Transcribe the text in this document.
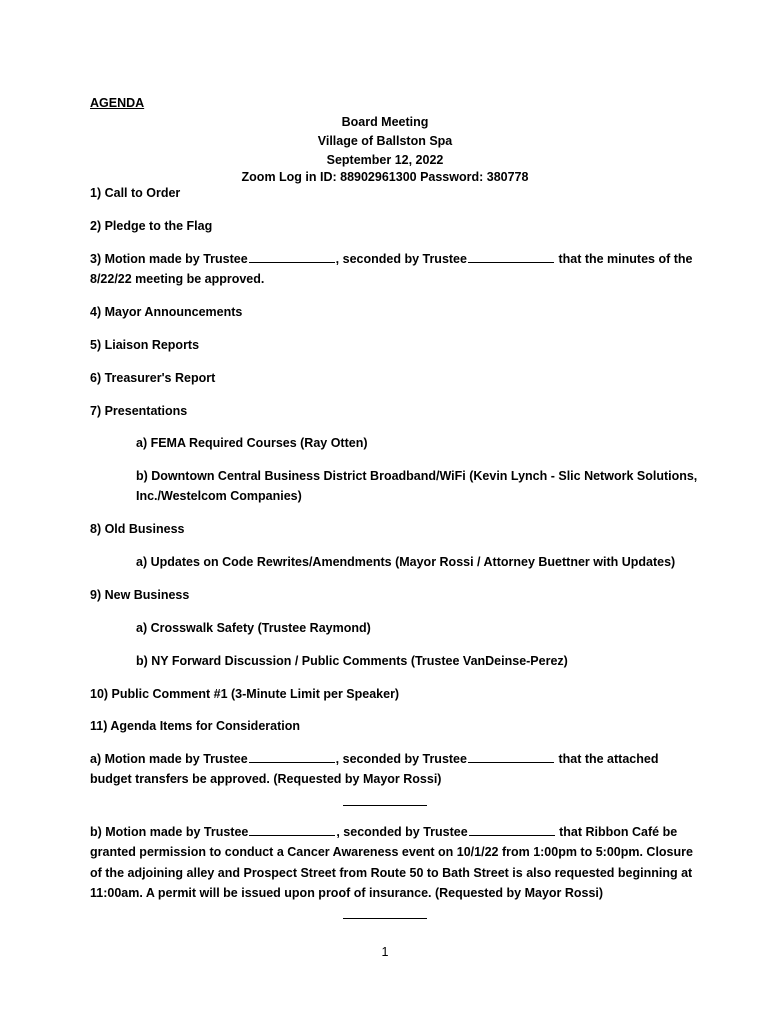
AGENDA
Board Meeting
Village of Ballston Spa
September 12, 2022
Zoom Log in ID: 88902961300 Password: 380778
1) Call to Order
2) Pledge to the Flag
3) Motion made by Trustee	, seconded by Trustee	that the minutes of the
8/22/22 meeting be approved.
4) Mayor Announcements
5) Liaison Reports
6) Treasurer's Report
7) Presentations
a) FEMA Required Courses (Ray Otten)
b) Downtown Central Business District Broadband/WiFi (Kevin Lynch - Slic Network Solutions,
Inc./Westelcom Companies)
8) Old Business
a) Updates on Code Rewrites/Amendments (Mayor Rossi / Attorney Buettner with Updates)
9) New Business
a) Crosswalk Safety (Trustee Raymond)
b) NY Forward Discussion / Public Comments (Trustee VanDeinse-Perez)
10) Public Comment #1 (3-Minute Limit per Speaker)
11) Agenda Items for Consideration
a) Motion made by Trustee	, seconded by Trustee	that the attached
budget transfers be approved. (Requested by Mayor Rossi)
b) Motion made by Trustee	, seconded by Trustee	that Ribbon Café be
granted permission to conduct a Cancer Awareness event on 10/1/22 from 1:00pm to 5:00pm. Closure
of the adjoining alley and Prospect Street from Route 50 to Bath Street is also requested beginning at
11:00am. A permit will be issued upon proof of insurance. (Requested by Mayor Rossi)
1
